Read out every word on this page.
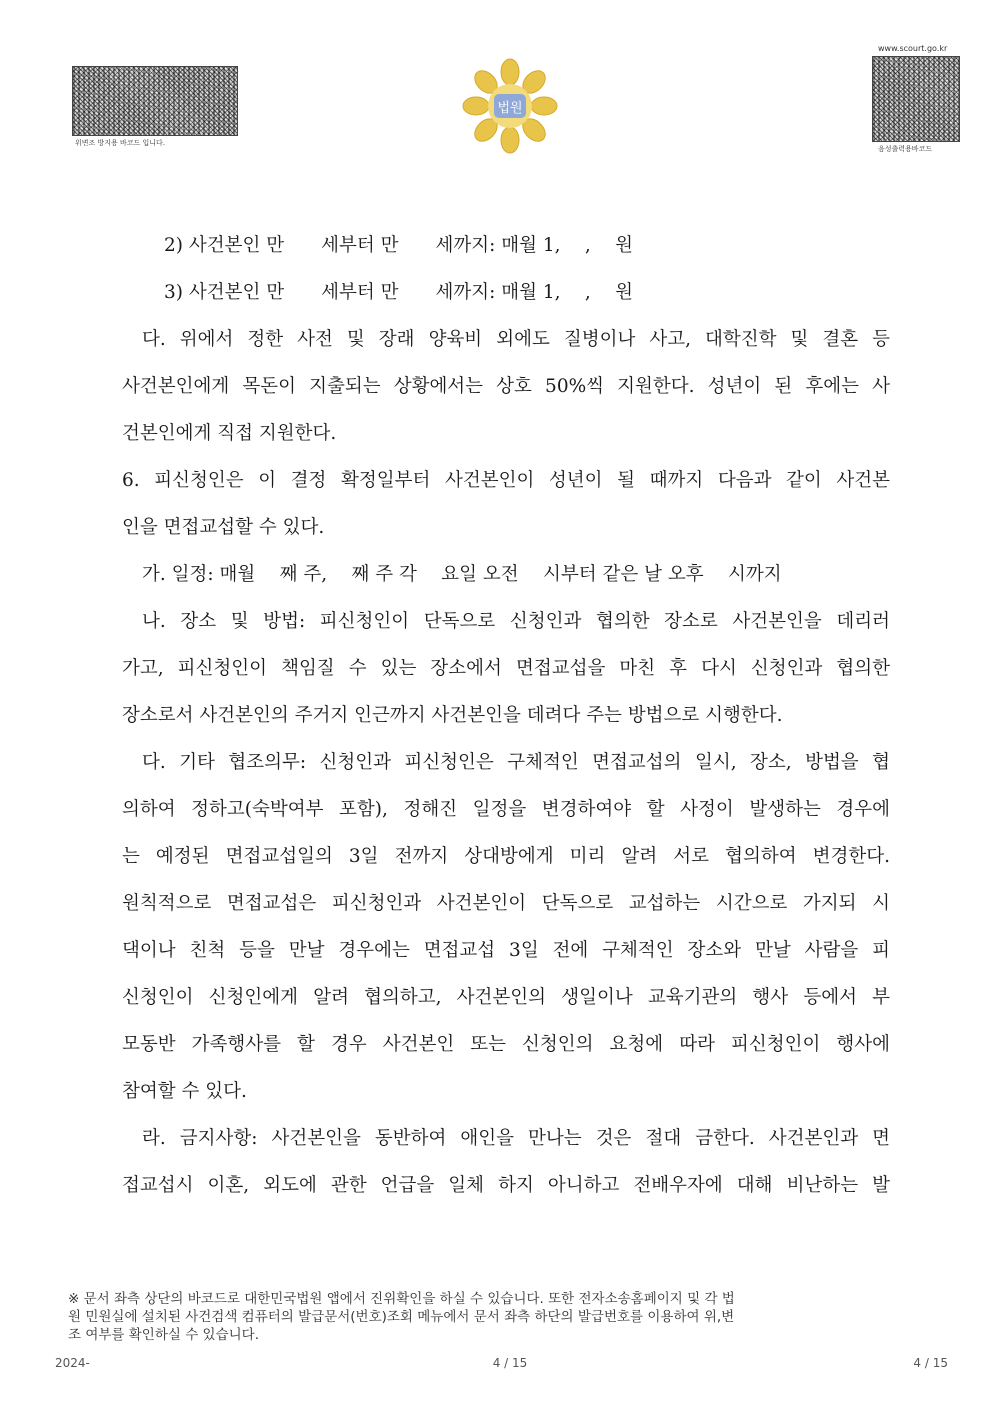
위변조 방지용 바코드 입니다.
법원
www.scourt.go.kr
음성출력용바코드
2) 사건본인 만　　세부터 만　　세까지: 매월 1,　 ,　 원
3) 사건본인 만　　세부터 만　　세까지: 매월 1,　 ,　 원
다. 위에서 정한 사전 및 장래 양육비 외에도 질병이나 사고, 대학진학 및 결혼 등
사건본인에게 목돈이 지출되는 상황에서는 상호 50%씩 지원한다. 성년이 된 후에는 사
건본인에게 직접 지원한다.
6. 피신청인은 이 결정 확정일부터 사건본인이 성년이 될 때까지 다음과 같이 사건본
인을 면접교섭할 수 있다.
가. 일정: 매월　 째 주,　 째 주 각　 요일 오전　 시부터 같은 날 오후　 시까지
나. 장소 및 방법: 피신청인이 단독으로 신청인과 협의한 장소로 사건본인을 데리러
가고, 피신청인이 책임질 수 있는 장소에서 면접교섭을 마친 후 다시 신청인과 협의한
장소로서 사건본인의 주거지 인근까지 사건본인을 데려다 주는 방법으로 시행한다.
다. 기타 협조의무: 신청인과 피신청인은 구체적인 면접교섭의 일시, 장소, 방법을 협
의하여 정하고(숙박여부 포함), 정해진 일정을 변경하여야 할 사정이 발생하는 경우에
는 예정된 면접교섭일의 3일 전까지 상대방에게 미리 알려 서로 협의하여 변경한다.
원칙적으로 면접교섭은 피신청인과 사건본인이 단독으로 교섭하는 시간으로 가지되 시
댁이나 친척 등을 만날 경우에는 면접교섭 3일 전에 구체적인 장소와 만날 사람을 피
신청인이 신청인에게 알려 협의하고, 사건본인의 생일이나 교육기관의 행사 등에서 부
모동반 가족행사를 할 경우 사건본인 또는 신청인의 요청에 따라 피신청인이 행사에
참여할 수 있다.
라. 금지사항: 사건본인을 동반하여 애인을 만나는 것은 절대 금한다. 사건본인과 면
접교섭시 이혼, 외도에 관한 언급을 일체 하지 아니하고 전배우자에 대해 비난하는 발
※ 문서 좌측 상단의 바코드로 대한민국법원 앱에서 진위확인을 하실 수 있습니다. 또한 전자소송홈페이지 및 각 법
원 민원실에 설치된 사건검색 컴퓨터의 발급문서(번호)조회 메뉴에서 문서 좌측 하단의 발급번호를 이용하여 위,변
조 여부를 확인하실 수 있습니다.
2024-	4 / 15	4 / 15
